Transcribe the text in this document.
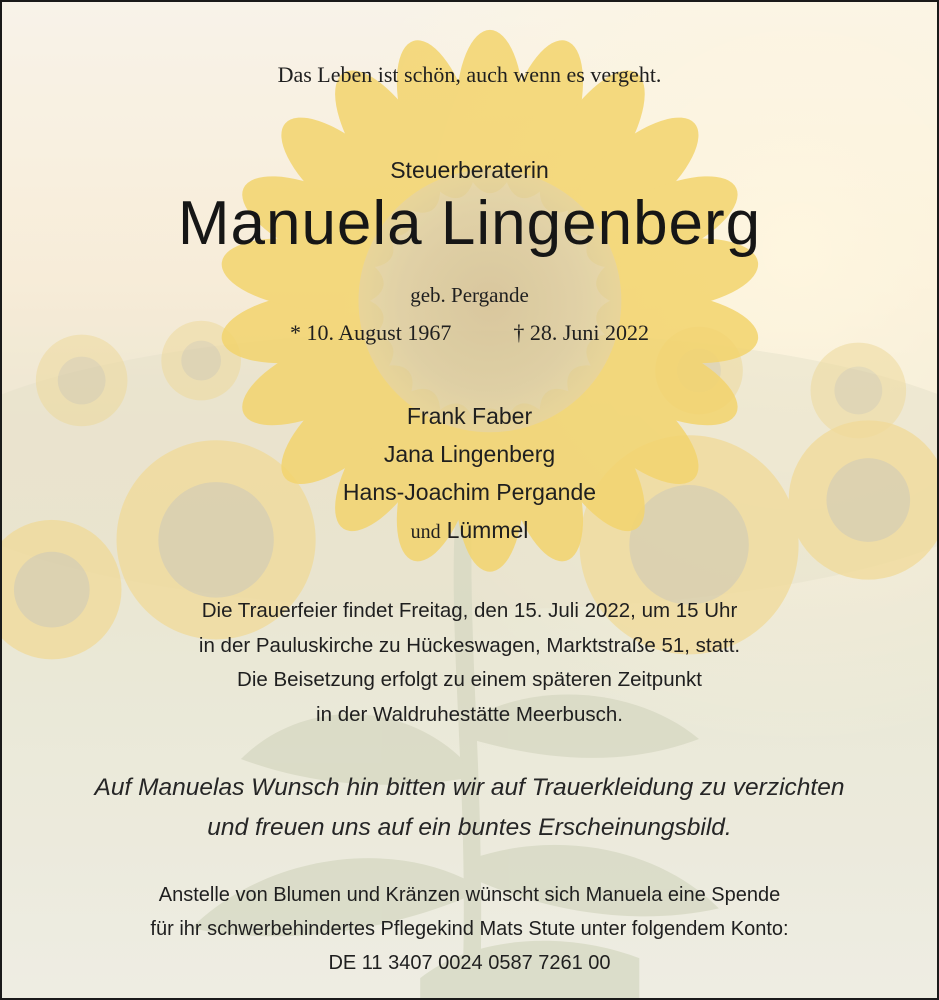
Das Leben ist schön, auch wenn es vergeht.
Steuerberaterin
Manuela Lingenberg
geb. Pergande
* 10. August 1967	† 28. Juni 2022
Frank Faber
Jana Lingenberg
Hans-Joachim Pergande
und Lümmel
Die Trauerfeier findet Freitag, den 15. Juli 2022, um 15 Uhr
in der Pauluskirche zu Hückeswagen, Marktstraße 51, statt.
Die Beisetzung erfolgt zu einem späteren Zeitpunkt
in der Waldruhestätte Meerbusch.
Auf Manuelas Wunsch hin bitten wir auf Trauerkleidung zu verzichten
und freuen uns auf ein buntes Erscheinungsbild.
Anstelle von Blumen und Kränzen wünscht sich Manuela eine Spende
für ihr schwerbehindertes Pflegekind Mats Stute unter folgendem Konto:
DE 11 3407 0024 0587 7261 00
